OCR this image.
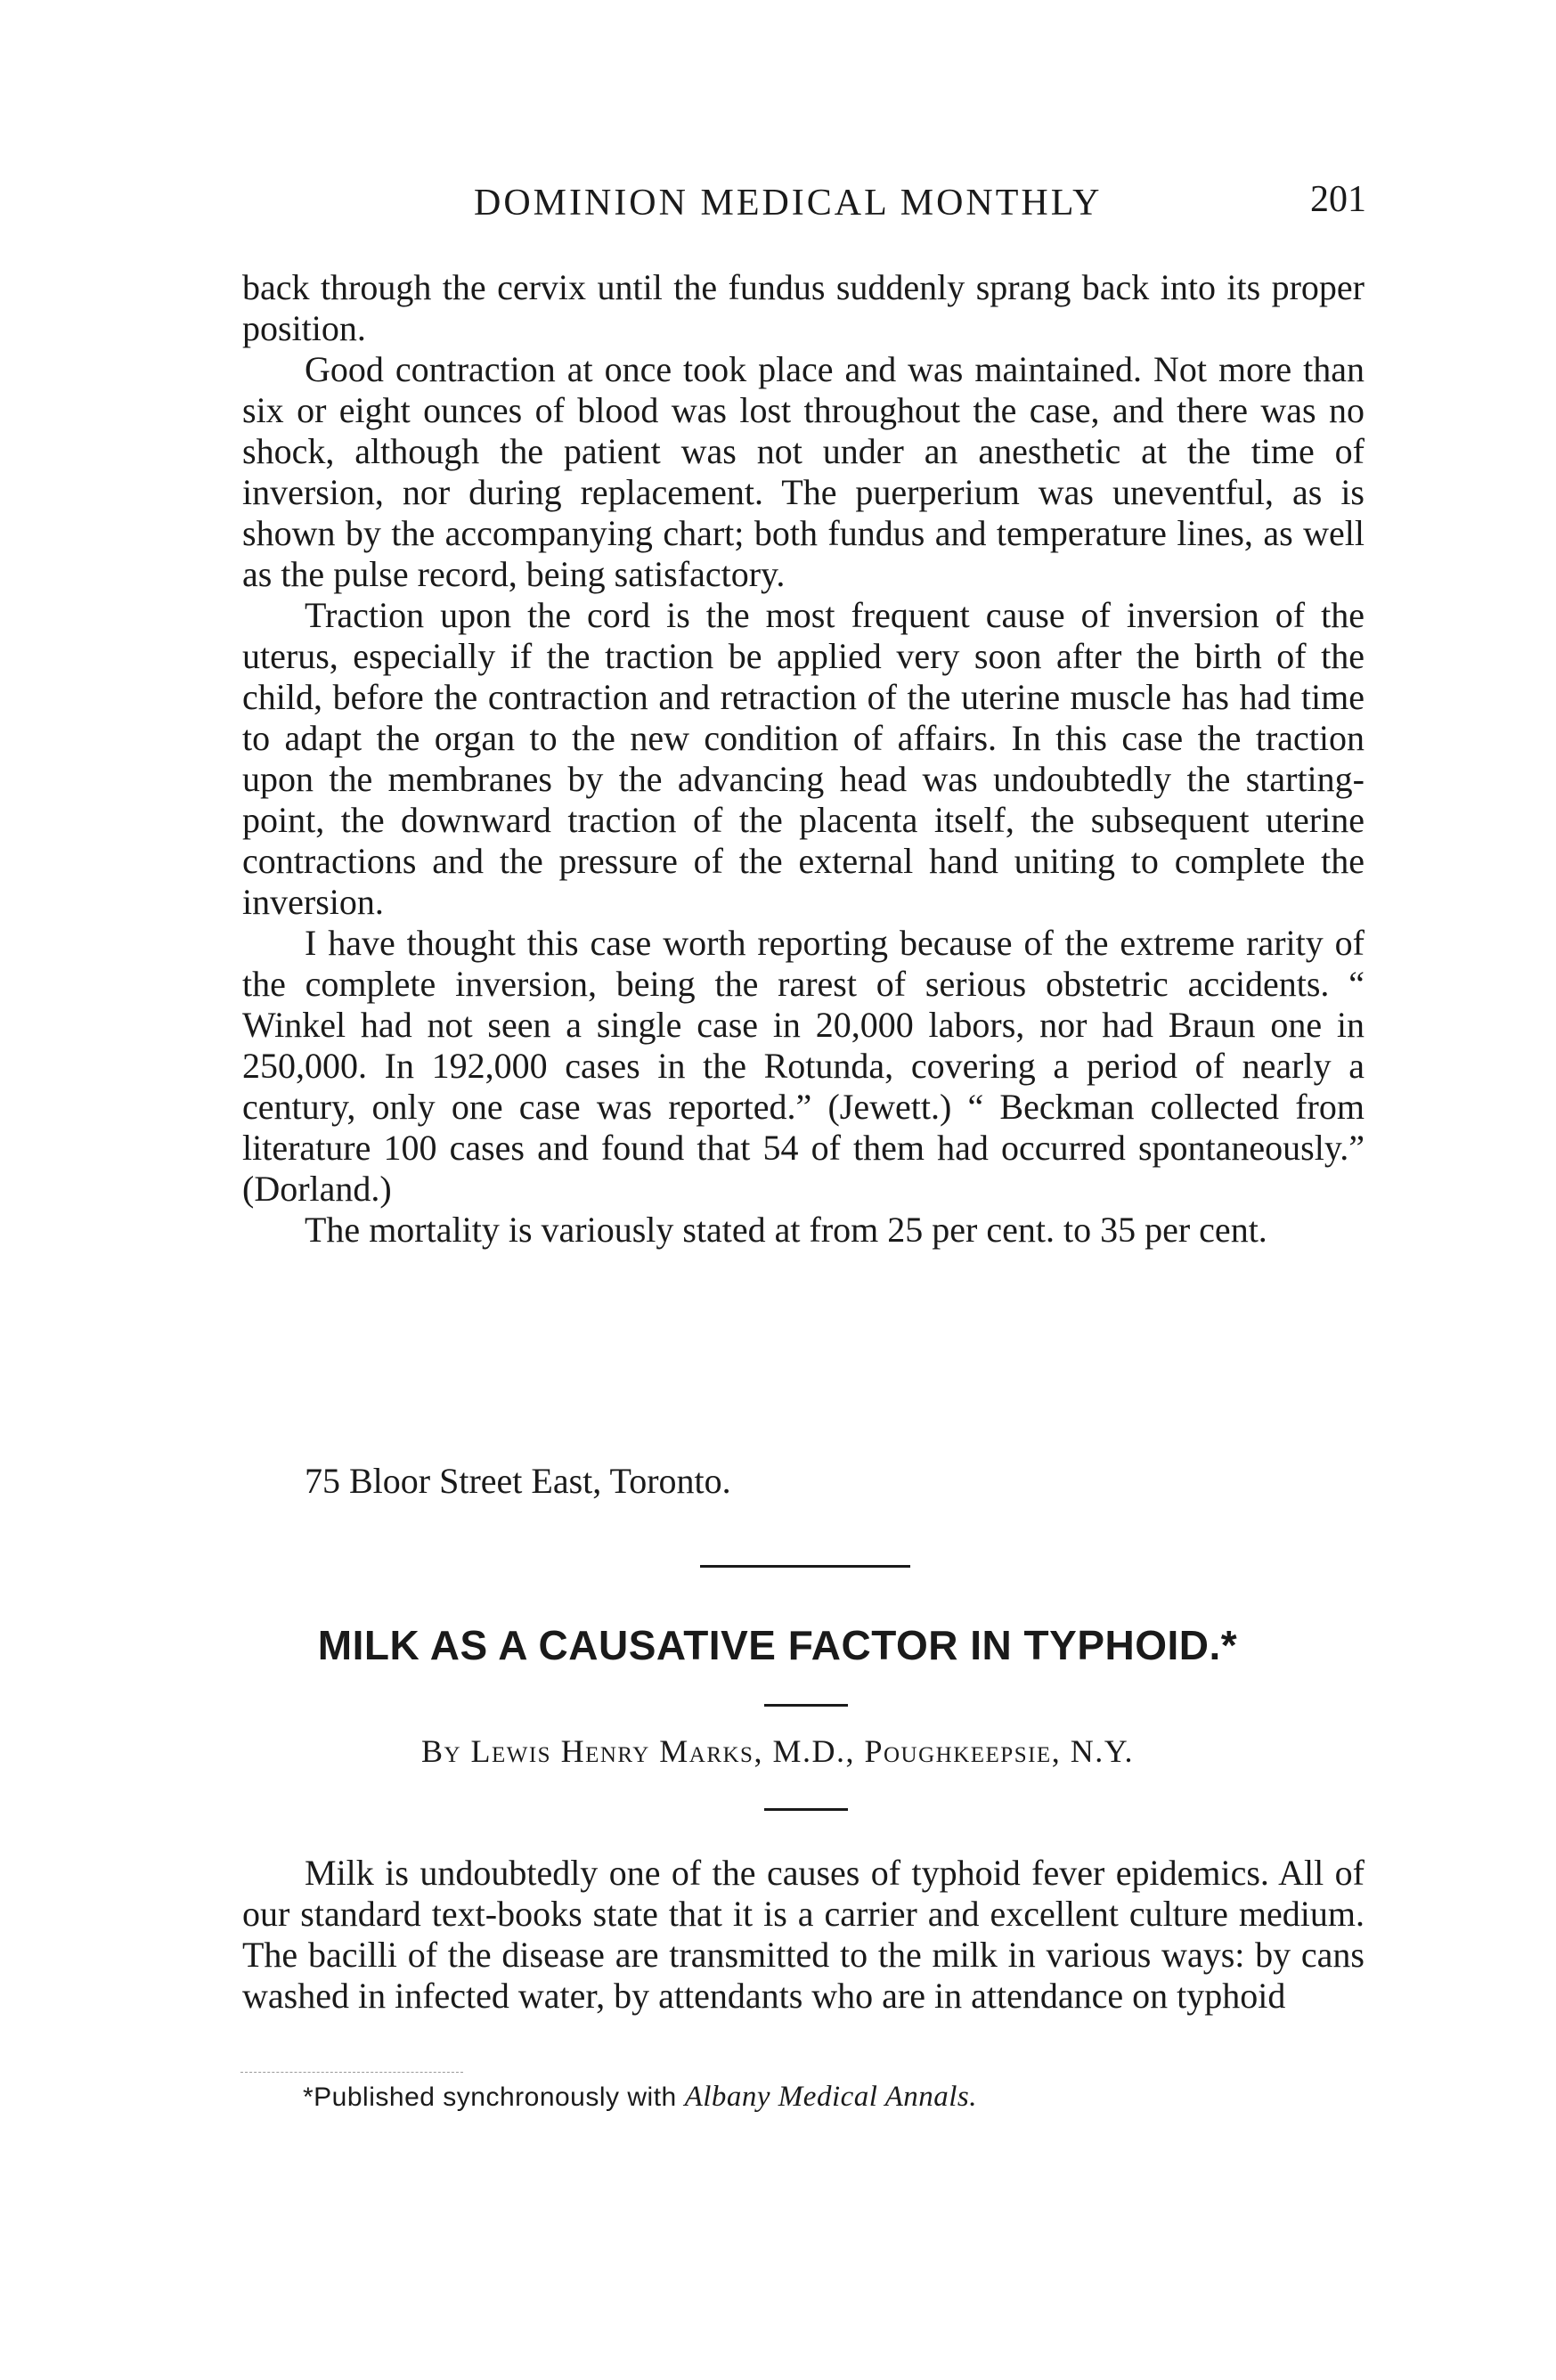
DOMINION MEDICAL MONTHLY	201

back through the cervix until the fundus suddenly sprang back into its proper position.

Good contraction at once took place and was maintained. Not more than six or eight ounces of blood was lost throughout the case, and there was no shock, although the patient was not under an anesthetic at the time of inversion, nor during replacement. The puerperium was uneventful, as is shown by the accompanying chart; both fundus and temperature lines, as well as the pulse record, being satisfactory.

Traction upon the cord is the most frequent cause of inversion of the uterus, especially if the traction be applied very soon after the birth of the child, before the contraction and retraction of the uterine muscle has had time to adapt the organ to the new condition of affairs. In this case the traction upon the membranes by the advancing head was undoubtedly the starting-point, the downward traction of the placenta itself, the subsequent uterine contractions and the pressure of the external hand uniting to complete the inversion.

I have thought this case worth reporting because of the extreme rarity of the complete inversion, being the rarest of serious obstetric accidents. “ Winkel had not seen a single case in 20,000 labors, nor had Braun one in 250,000. In 192,000 cases in the Rotunda, covering a period of nearly a century, only one case was reported.” (Jewett.) “ Beckman collected from literature 100 cases and found that 54 of them had occurred spontaneously.” (Dorland.)

The mortality is variously stated at from 25 per cent. to 35 per cent.

75 Bloor Street East, Toronto.
MILK AS A CAUSATIVE FACTOR IN TYPHOID.*
By Lewis Henry Marks, M.D., Poughkeepsie, N.Y.

Milk is undoubtedly one of the causes of typhoid fever epidemics. All of our standard text-books state that it is a carrier and excellent culture medium. The bacilli of the disease are transmitted to the milk in various ways: by cans washed in infected water, by attendants who are in attendance on typhoid

*Published synchronously with Albany Medical Annals.
